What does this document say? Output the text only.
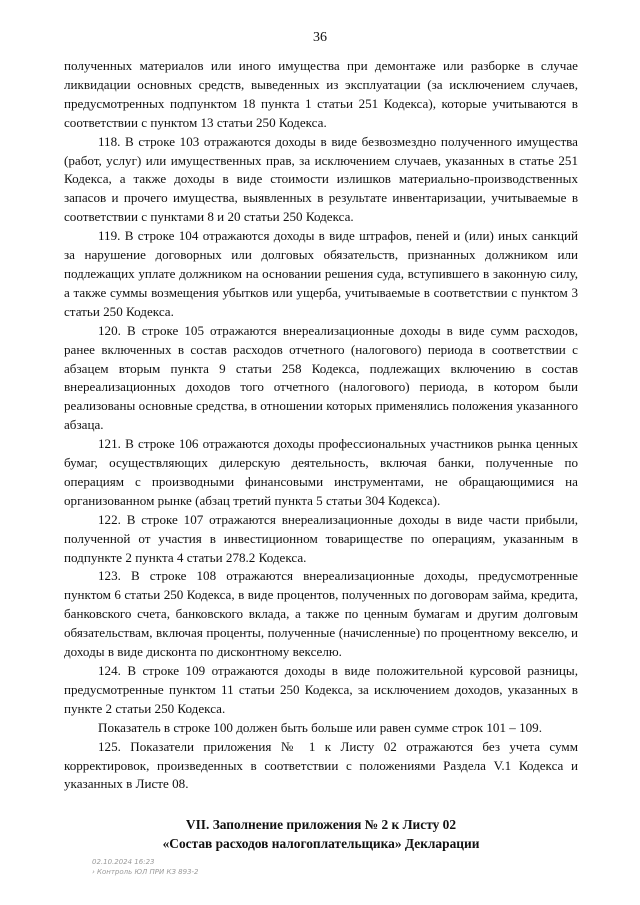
36

полученных материалов или иного имущества при демонтаже или разборке в случае ликвидации основных средств, выведенных из эксплуатации (за исключением случаев, предусмотренных подпунктом 18 пункта 1 статьи 251 Кодекса), которые учитываются в соответствии с пунктом 13 статьи 250 Кодекса.

118. В строке 103 отражаются доходы в виде безвозмездно полученного имущества (работ, услуг) или имущественных прав, за исключением случаев, указанных в статье 251 Кодекса, а также доходы в виде стоимости излишков материально-производственных запасов и прочего имущества, выявленных в результате инвентаризации, учитываемые в соответствии с пунктами 8 и 20 статьи 250 Кодекса.

119. В строке 104 отражаются доходы в виде штрафов, пеней и (или) иных санкций за нарушение договорных или долговых обязательств, признанных должником или подлежащих уплате должником на основании решения суда, вступившего в законную силу, а также суммы возмещения убытков или ущерба, учитываемые в соответствии с пунктом 3 статьи 250 Кодекса.

120. В строке 105 отражаются внереализационные доходы в виде сумм расходов, ранее включенных в состав расходов отчетного (налогового) периода в соответствии с абзацем вторым пункта 9 статьи 258 Кодекса, подлежащих включению в состав внереализационных доходов того отчетного (налогового) периода, в котором были реализованы основные средства, в отношении которых применялись положения указанного абзаца.

121. В строке 106 отражаются доходы профессиональных участников рынка ценных бумаг, осуществляющих дилерскую деятельность, включая банки, полученные по операциям с производными финансовыми инструментами, не обращающимися на организованном рынке (абзац третий пункта 5 статьи 304 Кодекса).

122. В строке 107 отражаются внереализационные доходы в виде части прибыли, полученной от участия в инвестиционном товариществе по операциям, указанным в подпункте 2 пункта 4 статьи 278.2 Кодекса.

123. В строке 108 отражаются внереализационные доходы, предусмотренные пунктом 6 статьи 250 Кодекса, в виде процентов, полученных по договорам займа, кредита, банковского счета, банковского вклада, а также по ценным бумагам и другим долговым обязательствам, включая проценты, полученные (начисленные) по процентному векселю, и доходы в виде дисконта по дисконтному векселю.

124. В строке 109 отражаются доходы в виде положительной курсовой разницы, предусмотренные пунктом 11 статьи 250 Кодекса, за исключением доходов, указанных в пункте 2 статьи 250 Кодекса.

Показатель в строке 100 должен быть больше или равен сумме строк 101 – 109.

125. Показатели приложения № 1 к Листу 02 отражаются без учета сумм корректировок, произведенных в соответствии с положениями Раздела V.1 Кодекса и указанных в Листе 08.

VII. Заполнение приложения № 2 к Листу 02
«Состав расходов налогоплательщика» Декларации
02.10.2024 16:23
› Контроль ЮЛ ПРИ КЗ 893-2
